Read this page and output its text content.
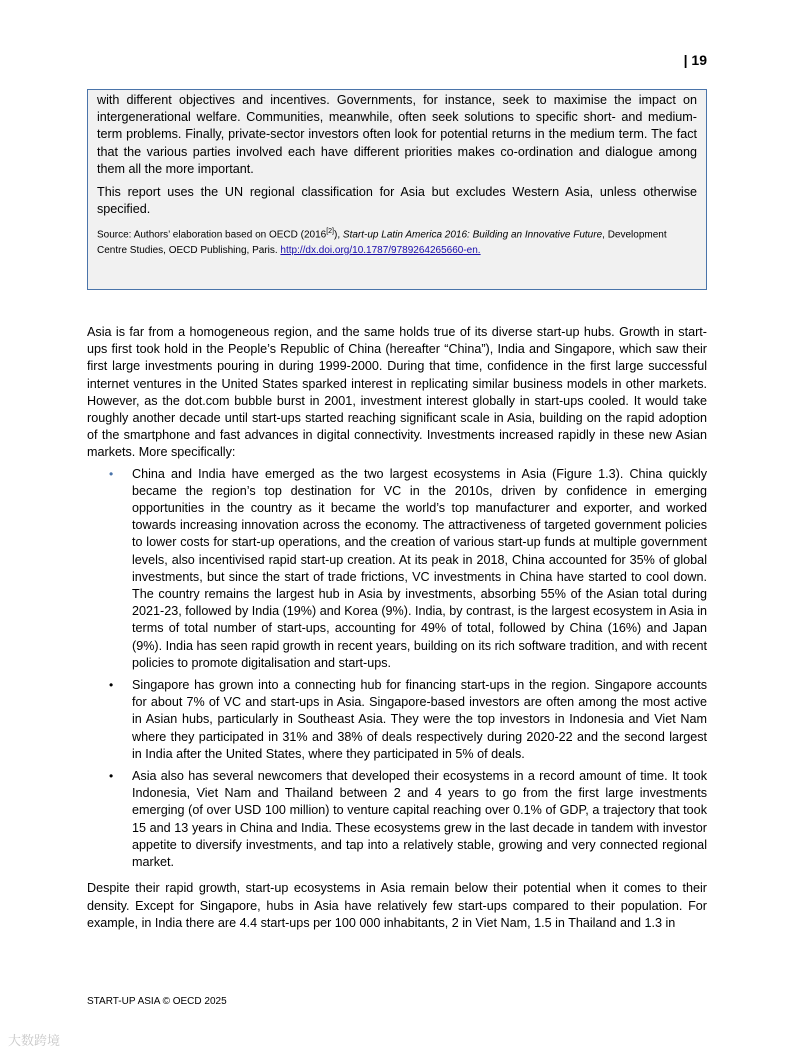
| 19

with different objectives and incentives. Governments, for instance, seek to maximise the impact on intergenerational welfare. Communities, meanwhile, often seek solutions to specific short- and medium-term problems. Finally, private-sector investors often look for potential returns in the medium term. The fact that the various parties involved each have different priorities makes co-ordination and dialogue among them all the more important.

This report uses the UN regional classification for Asia but excludes Western Asia, unless otherwise specified.

Source: Authors’ elaboration based on OECD (2016[2]), Start-up Latin America 2016: Building an Innovative Future, Development Centre Studies, OECD Publishing, Paris. http://dx.doi.org/10.1787/9789264265660-en.

Asia is far from a homogeneous region, and the same holds true of its diverse start-up hubs. Growth in start-ups first took hold in the People’s Republic of China (hereafter “China”), India and Singapore, which saw their first large investments pouring in during 1999-2000. During that time, confidence in the first large successful internet ventures in the United States sparked interest in replicating similar business models in other markets. However, as the dot.com bubble burst in 2001, investment interest globally in start-ups cooled. It would take roughly another decade until start-ups started reaching significant scale in Asia, building on the rapid adoption of the smartphone and fast advances in digital connectivity. Investments increased rapidly in these new Asian markets. More specifically:

• China and India have emerged as the two largest ecosystems in Asia (Figure 1.3). China quickly became the region’s top destination for VC in the 2010s, driven by confidence in emerging opportunities in the country as it became the world’s top manufacturer and exporter, and worked towards increasing innovation across the economy. The attractiveness of targeted government policies to lower costs for start-up operations, and the creation of various start-up funds at multiple government levels, also incentivised rapid start-up creation. At its peak in 2018, China accounted for 35% of global investments, but since the start of trade frictions, VC investments in China have started to cool down. The country remains the largest hub in Asia by investments, absorbing 55% of the Asian total during 2021-23, followed by India (19%) and Korea (9%). India, by contrast, is the largest ecosystem in Asia in terms of total number of start-ups, accounting for 49% of total, followed by China (16%) and Japan (9%). India has seen rapid growth in recent years, building on its rich software tradition, and with recent policies to promote digitalisation and start-ups.
• Singapore has grown into a connecting hub for financing start-ups in the region. Singapore accounts for about 7% of VC and start-ups in Asia. Singapore-based investors are often among the most active in Asian hubs, particularly in Southeast Asia. They were the top investors in Indonesia and Viet Nam where they participated in 31% and 38% of deals respectively during 2020-22 and the second largest in India after the United States, where they participated in 5% of deals.
• Asia also has several newcomers that developed their ecosystems in a record amount of time. It took Indonesia, Viet Nam and Thailand between 2 and 4 years to go from the first large investments emerging (of over USD 100 million) to venture capital reaching over 0.1% of GDP, a trajectory that took 15 and 13 years in China and India. These ecosystems grew in the last decade in tandem with investor appetite to diversify investments, and tap into a relatively stable, growing and very connected regional market.

Despite their rapid growth, start-up ecosystems in Asia remain below their potential when it comes to their density. Except for Singapore, hubs in Asia have relatively few start-ups compared to their population. For example, in India there are 4.4 start-ups per 100 000 inhabitants, 2 in Viet Nam, 1.5 in Thailand and 1.3 in

START-UP ASIA © OECD 2025
大数跨境
